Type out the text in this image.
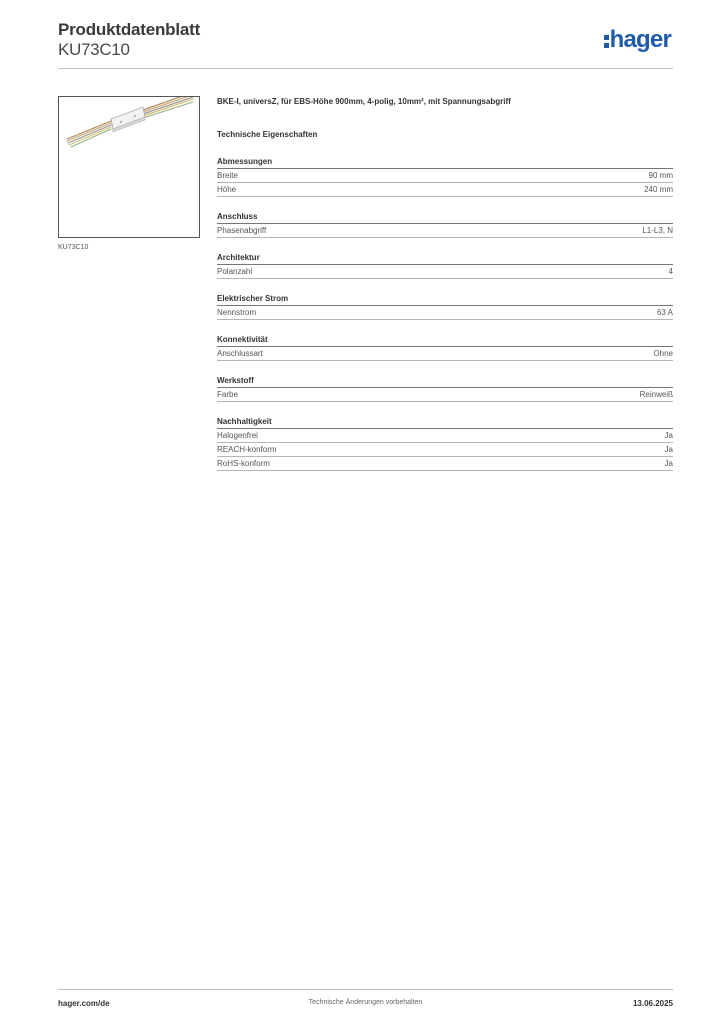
Produktdatenblatt
KU73C10	hager
KU73C10
BKE-I, universZ, für EBS-Höhe 900mm, 4-polig, 10mm², mit Spannungsabgriff
Technische Eigenschaften
Abmessungen
Breite	90 mm
Höhe	240 mm
Anschluss
Phasenabgriff	L1-L3, N
Architektur
Polanzahl	4
Elektrischer Strom
Nennstrom	63 A
Konnektivität
Anschlussart	Ohne
Werkstoff
Farbe	Reinweiß
Nachhaltigkeit
Halogenfrei	Ja
REACH-konform	Ja
RoHS-konform	Ja
hager.com/de	Technische Änderungen vorbehalten	13.06.2025
